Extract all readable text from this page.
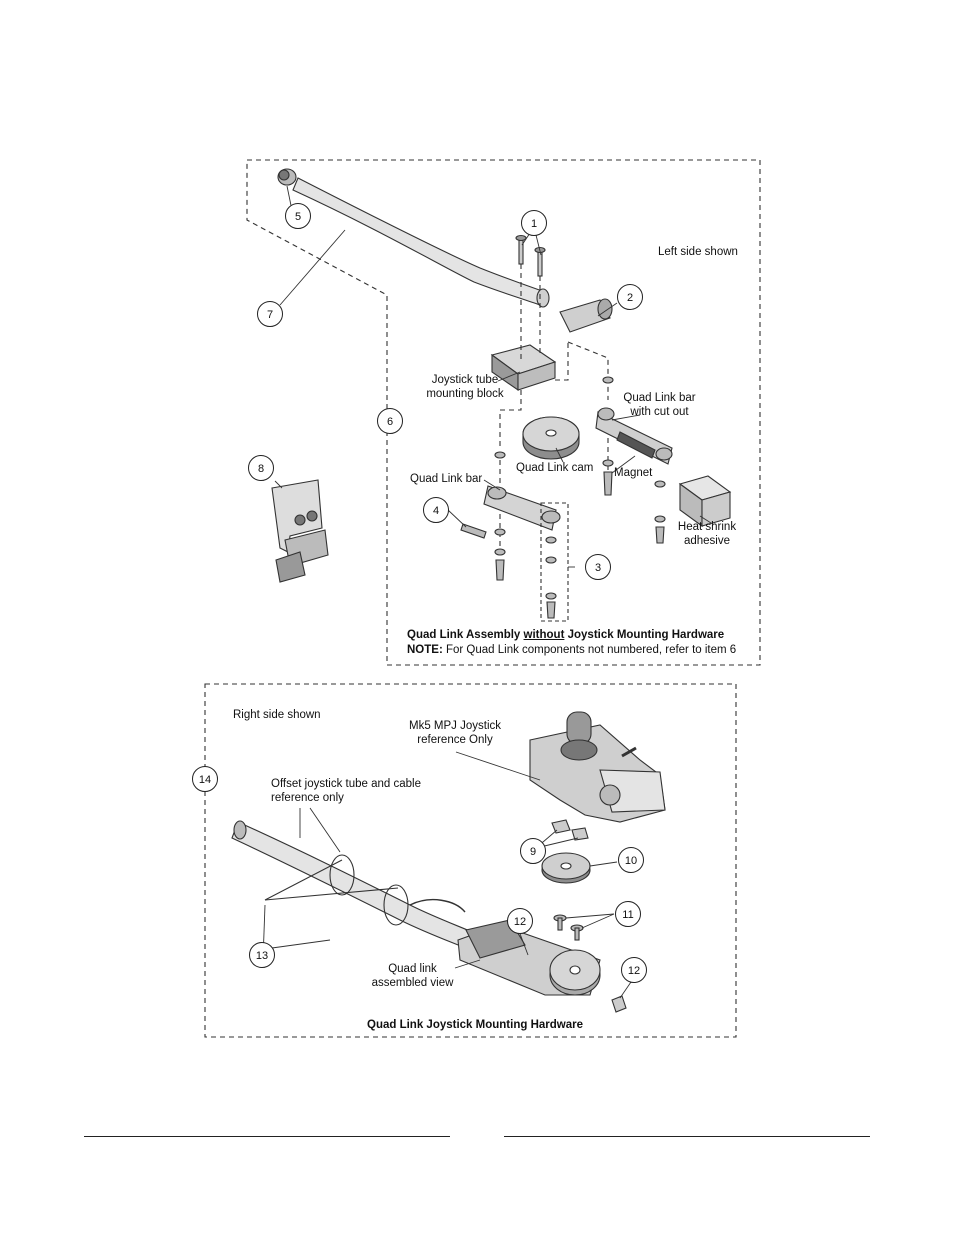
1
2
3
4
5
6
7
8
9
10
11
12
12
13
14
Left side shown
Joystick tube
mounting block	Quad Link bar
with cut out
Quad Link cam Magnet
Quad Link bar
Heat shrink
adhesive
Quad Link Assembly without Joystick Mounting Hardware
NOTE: For Quad Link components not numbered, refer to item 6
Right side shown
Mk5 MPJ Joystick
reference Only
Offset joystick tube and cable
reference only
Quad link
assembled view
Quad Link Joystick Mounting Hardware
